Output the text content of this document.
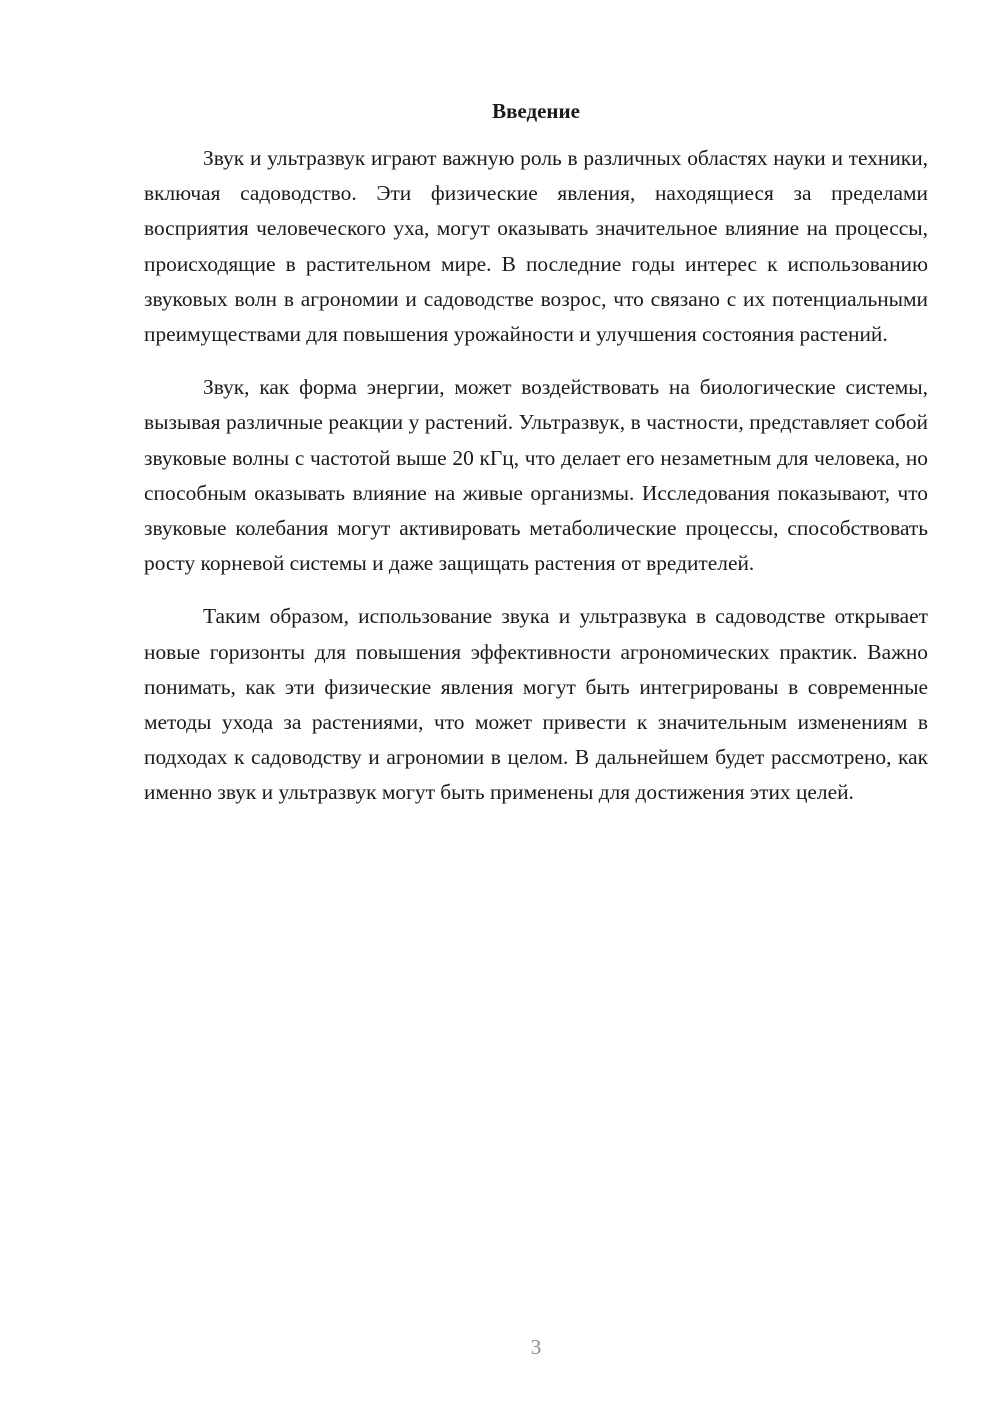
Введение

Звук и ультразвук играют важную роль в различных областях науки и техники, включая садоводство. Эти физические явления, находящиеся за пределами восприятия человеческого уха, могут оказывать значительное влияние на процессы, происходящие в растительном мире. В последние годы интерес к использованию звуковых волн в агрономии и садоводстве возрос, что связано с их потенциальными преимуществами для повышения урожайности и улучшения состояния растений.

Звук, как форма энергии, может воздействовать на биологические системы, вызывая различные реакции у растений. Ультразвук, в частности, представляет собой звуковые волны с частотой выше 20 кГц, что делает его незаметным для человека, но способным оказывать влияние на живые организмы. Исследования показывают, что звуковые колебания могут активировать метаболические процессы, способствовать росту корневой системы и даже защищать растения от вредителей.

Таким образом, использование звука и ультразвука в садоводстве открывает новые горизонты для повышения эффективности агрономических практик. Важно понимать, как эти физические явления могут быть интегрированы в современные методы ухода за растениями, что может привести к значительным изменениям в подходах к садоводству и агрономии в целом. В дальнейшем будет рассмотрено, как именно звук и ультразвук могут быть применены для достижения этих целей.

3
